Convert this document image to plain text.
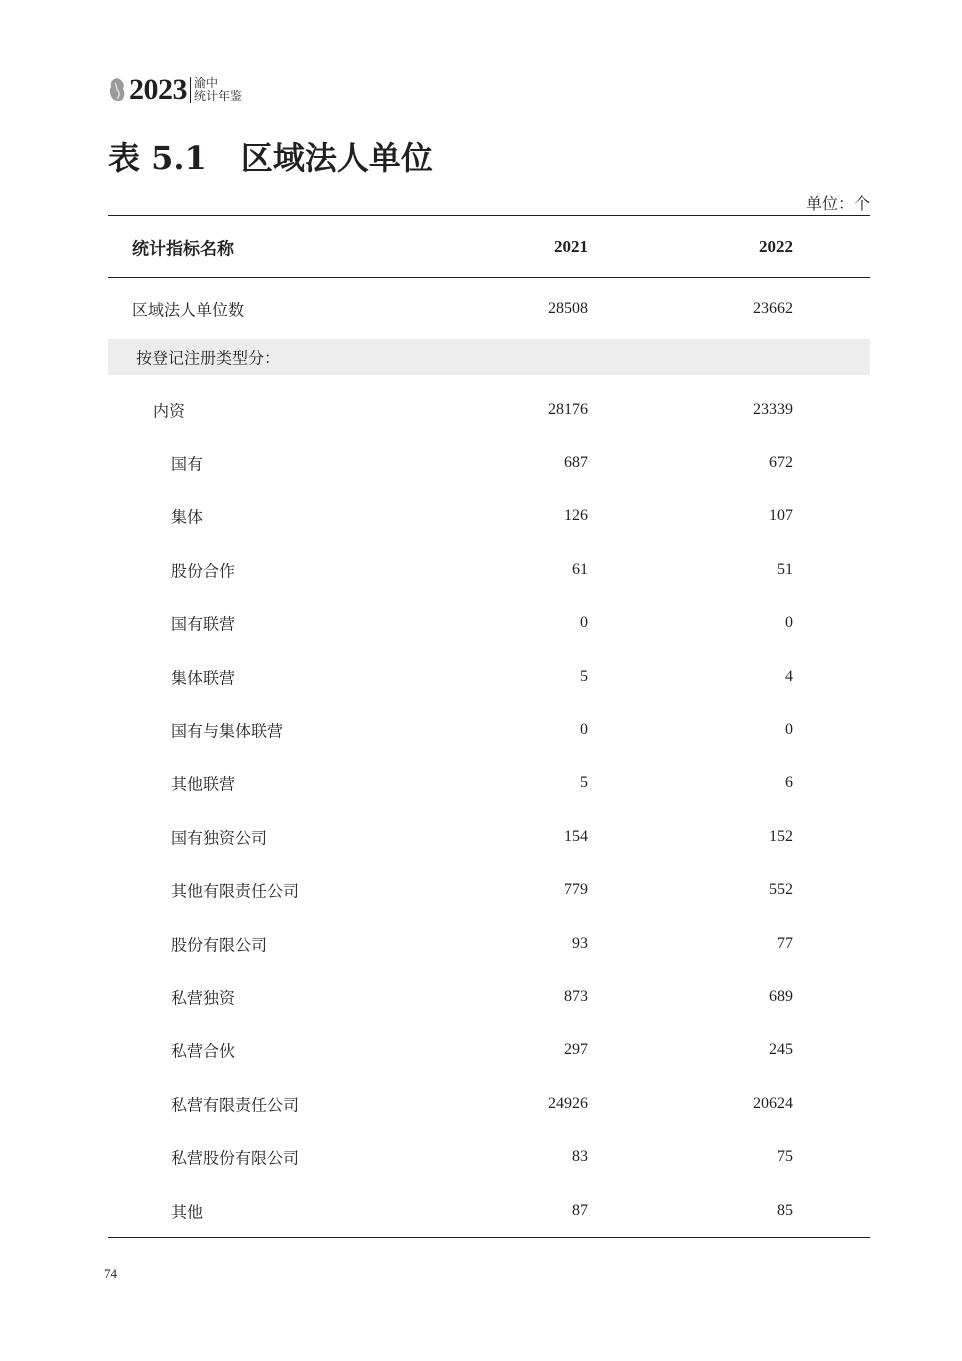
2023 渝中
统计年鉴
表 5.1 区域法人单位
单位：个
统计指标名称	2021	2022
区域法人单位数	28508	23662
按登记注册类型分：
内资	28176	23339
国有	687	672
集体	126	107
股份合作	61	51
国有联营	0	0
集体联营	5	4
国有与集体联营	0	0
其他联营	5	6
国有独资公司	154	152
其他有限责任公司	779	552
股份有限公司	93	77
私营独资	873	689
私营合伙	297	245
私营有限责任公司	24926	20624
私营股份有限公司	83	75
其他	87	85
74
